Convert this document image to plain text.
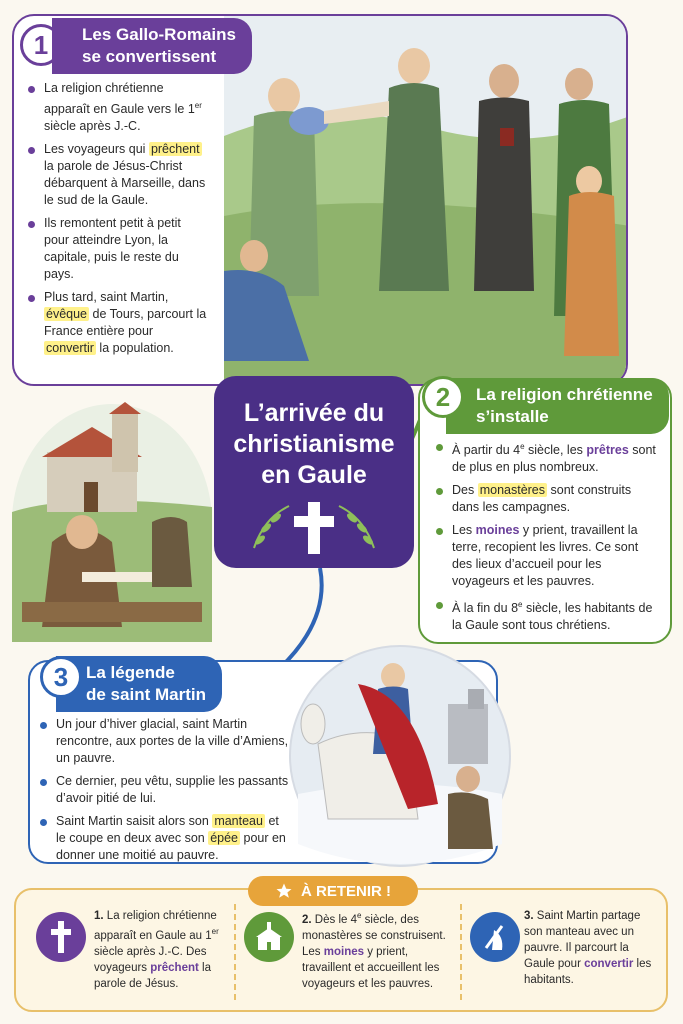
1	Les Gallo-Romains
se convertissent
La religion chrétienne apparaît en Gaule vers le 1er siècle après J.-C.
Les voyageurs qui prêchent la parole de Jésus-Christ débarquent à Marseille, dans le sud de la Gaule.
Ils remontent petit à petit pour atteindre Lyon, la capitale, puis le reste du pays.
Plus tard, saint Martin, évêque de Tours, parcourt la France entière pour convertir la population.
L’arrivée du
christianisme
en Gaule
La religion chrétienne
s’installe
2
À partir du 4e siècle, les prêtres sont de plus en plus nombreux.
Des monastères sont construits dans les campagnes.
Les moines y prient, travaillent la terre, recopient les livres. Ce sont des lieux d’accueil pour les voyageurs et les pauvres.
À la fin du 8e siècle, les habitants de la Gaule sont tous chrétiens.
La légende
de saint Martin
3
Un jour d’hiver glacial, saint Martin rencontre, aux portes de la ville d’Amiens, un pauvre.
Ce dernier, peu vêtu, supplie les passants d’avoir pitié de lui.
Saint Martin saisit alors son manteau et le coupe en deux avec son épée pour en donner une moitié au pauvre.
1. La religion chrétienne apparaît en Gaule au 1er siècle après J.-C. Des voyageurs prêchent la parole de Jésus.
2. Dès le 4e siècle, des monastères se construisent. Les moines y prient, travaillent et accueillent les voyageurs et les pauvres.
3. Saint Martin partage son manteau avec un pauvre. Il parcourt la Gaule pour convertir les habitants.
À RETENIR !
